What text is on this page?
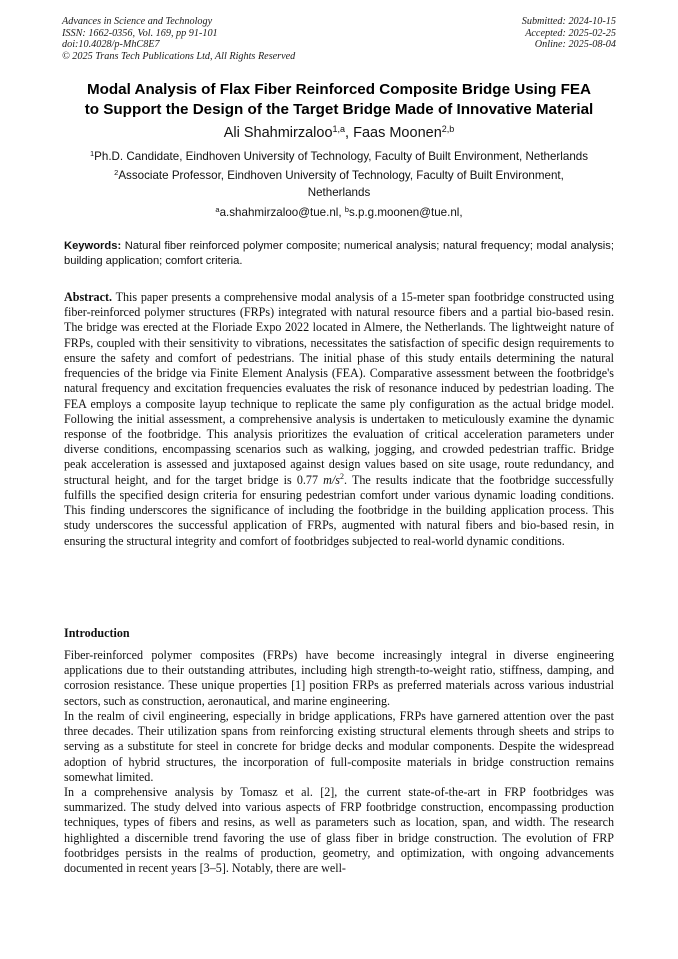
Advances in Science and Technology
ISSN: 1662-0356, Vol. 169, pp 91-101
doi:10.4028/p-MhC8E7
© 2025 Trans Tech Publications Ltd, All Rights Reserved
Submitted: 2024-10-15
Accepted: 2025-02-25
Online: 2025-08-04
Modal Analysis of Flax Fiber Reinforced Composite Bridge Using FEA
to Support the Design of the Target Bridge Made of Innovative Material
Ali Shahmirzaloo$^{1,a}$, Faas Moonen$^{2,b}$
$^1$Ph.D. Candidate, Eindhoven University of Technology, Faculty of Built Environment, Netherlands
$^2$Associate Professor, Eindhoven University of Technology, Faculty of Built Environment,
Netherlands
$^a$a.shahmirzaloo@tue.nl, $^b$s.p.g.moonen@tue.nl,
Keywords: Natural fiber reinforced polymer composite; numerical analysis; natural frequency; modal analysis; building application; comfort criteria.
Abstract. This paper presents a comprehensive modal analysis of a 15-meter span footbridge constructed using fiber-reinforced polymer structures (FRPs) integrated with natural resource fibers and a partial bio-based resin. The bridge was erected at the Floriade Expo 2022 located in Almere, the Netherlands. The lightweight nature of FRPs, coupled with their sensitivity to vibrations, necessitates the satisfaction of specific design requirements to ensure the safety and comfort of pedestrians. The initial phase of this study entails determining the natural frequencies of the bridge via Finite Element Analysis (FEA). Comparative assessment between the footbridge's natural frequency and excitation frequencies evaluates the risk of resonance induced by pedestrian loading. The FEA employs a composite layup technique to replicate the same ply configuration as the actual bridge model. Following the initial assessment, a comprehensive analysis is undertaken to meticulously examine the dynamic response of the footbridge. This analysis prioritizes the evaluation of critical acceleration parameters under diverse conditions, encompassing scenarios such as walking, jogging, and crowded pedestrian traffic. Bridge peak acceleration is assessed and juxtaposed against design values based on site usage, route redundancy, and structural height, and for the target bridge is 0.77 $m/s^2$. The results indicate that the footbridge successfully fulfills the specified design criteria for ensuring pedestrian comfort under various dynamic loading conditions. This finding underscores the significance of including the footbridge in the building application process. This study underscores the successful application of FRPs, augmented with natural fibers and bio-based resin, in ensuring the structural integrity and comfort of footbridges subjected to real-world dynamic conditions.
Introduction

Fiber-reinforced polymer composites (FRPs) have become increasingly integral in diverse engineering applications due to their outstanding attributes, including high strength-to-weight ratio, stiffness, damping, and corrosion resistance. These unique properties [1] position FRPs as preferred materials across various industrial sectors, such as construction, aeronautical, and marine engineering.

In the realm of civil engineering, especially in bridge applications, FRPs have garnered attention over the past three decades. Their utilization spans from reinforcing existing structural elements through sheets and strips to serving as a substitute for steel in concrete for bridge decks and modular components. Despite the widespread adoption of hybrid structures, the incorporation of full-composite materials in bridge construction remains somewhat limited.

In a comprehensive analysis by Tomasz et al. [2], the current state-of-the-art in FRP footbridges was summarized. The study delved into various aspects of FRP footbridge construction, encompassing production techniques, types of fibers and resins, as well as parameters such as location, span, and width. The research highlighted a discernible trend favoring the use of glass fiber in bridge construction. The evolution of FRP footbridges persists in the realms of production, geometry, and optimization, with ongoing advancements documented in recent years [3–5]. Notably, there are well-
